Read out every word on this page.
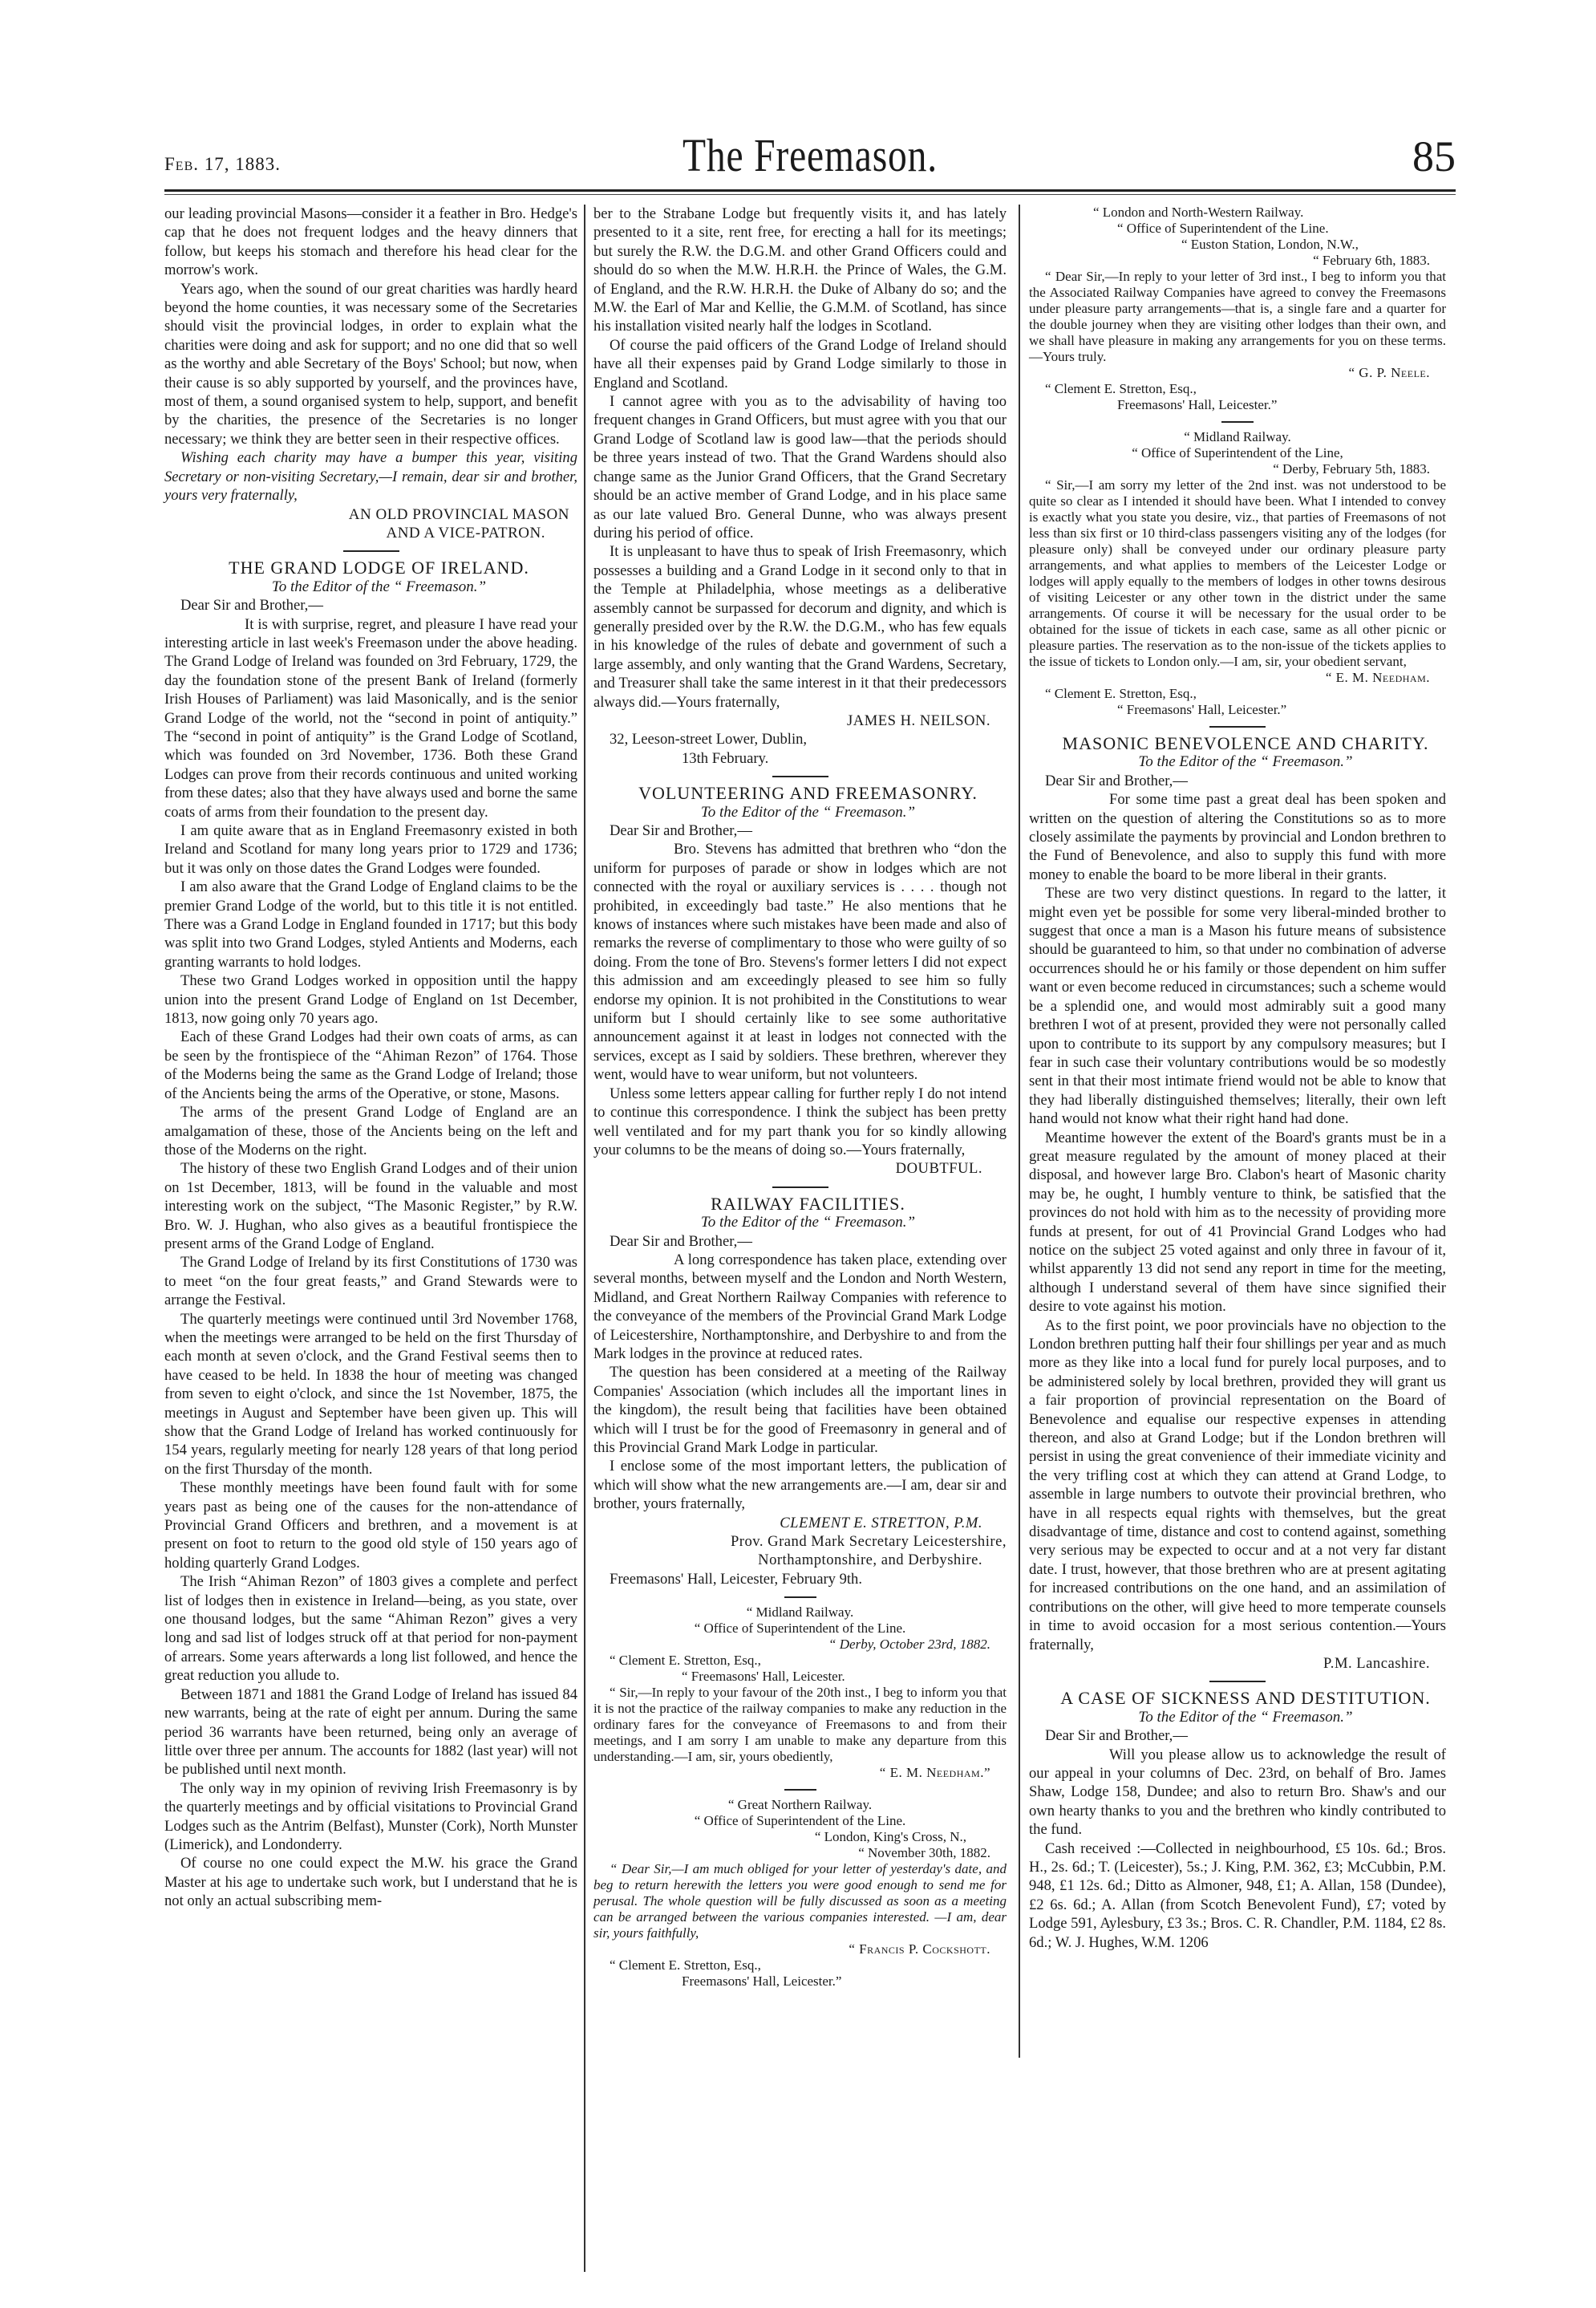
Feb. 17, 1883.	The Freemason.	85

our leading provincial Masons—consider it a feather in Bro. Hedge's cap that he does not frequent lodges and the heavy dinners that follow, but keeps his stomach and therefore his head clear for the morrow's work.

Years ago, when the sound of our great charities was hardly heard beyond the home counties, it was necessary some of the Secretaries should visit the provincial lodges, in order to explain what the charities were doing and ask for support; and no one did that so well as the worthy and able Secretary of the Boys' School; but now, when their cause is so ably supported by yourself, and the provinces have, most of them, a sound organised system to help, support, and benefit by the charities, the presence of the Secretaries is no longer necessary; we think they are better seen in their respective offices.

Wishing each charity may have a bumper this year, visiting Secretary or non-visiting Secretary,—I remain, dear sir and brother, yours very fraternally,

AN OLD PROVINCIAL MASON

AND A VICE-PATRON.

THE GRAND LODGE OF IRELAND.

To the Editor of the “ Freemason.”

Dear Sir and Brother,—

It is with surprise, regret, and pleasure I have read your interesting article in last week's Freemason under the above heading. The Grand Lodge of Ireland was founded on 3rd February, 1729, the day the foundation stone of the present Bank of Ireland (formerly Irish Houses of Parliament) was laid Masonically, and is the senior Grand Lodge of the world, not the “second in point of antiquity.” The “second in point of antiquity” is the Grand Lodge of Scotland, which was founded on 3rd November, 1736. Both these Grand Lodges can prove from their records continuous and united working from these dates; also that they have always used and borne the same coats of arms from their foundation to the present day.

I am quite aware that as in England Freemasonry existed in both Ireland and Scotland for many long years prior to 1729 and 1736; but it was only on those dates the Grand Lodges were founded.

I am also aware that the Grand Lodge of England claims to be the premier Grand Lodge of the world, but to this title it is not entitled. There was a Grand Lodge in England founded in 1717; but this body was split into two Grand Lodges, styled Antients and Moderns, each granting warrants to hold lodges.

These two Grand Lodges worked in opposition until the happy union into the present Grand Lodge of England on 1st December, 1813, now going only 70 years ago.

Each of these Grand Lodges had their own coats of arms, as can be seen by the frontispiece of the “Ahiman Rezon” of 1764. Those of the Moderns being the same as the Grand Lodge of Ireland; those of the Ancients being the arms of the Operative, or stone, Masons.

The arms of the present Grand Lodge of England are an amalgamation of these, those of the Ancients being on the left and those of the Moderns on the right.

The history of these two English Grand Lodges and of their union on 1st December, 1813, will be found in the valuable and most interesting work on the subject, “The Masonic Register,” by R.W. Bro. W. J. Hughan, who also gives as a beautiful frontispiece the present arms of the Grand Lodge of England.

The Grand Lodge of Ireland by its first Constitutions of 1730 was to meet “on the four great feasts,” and Grand Stewards were to arrange the Festival.

The quarterly meetings were continued until 3rd November 1768, when the meetings were arranged to be held on the first Thursday of each month at seven o'clock, and the Grand Festival seems then to have ceased to be held. In 1838 the hour of meeting was changed from seven to eight o'clock, and since the 1st November, 1875, the meetings in August and September have been given up. This will show that the Grand Lodge of Ireland has worked continuously for 154 years, regularly meeting for nearly 128 years of that long period on the first Thursday of the month.

These monthly meetings have been found fault with for some years past as being one of the causes for the non-attendance of Provincial Grand Officers and brethren, and a movement is at present on foot to return to the good old style of 150 years ago of holding quarterly Grand Lodges.

The Irish “Ahiman Rezon” of 1803 gives a complete and perfect list of lodges then in existence in Ireland—being, as you state, over one thousand lodges, but the same “Ahiman Rezon” gives a very long and sad list of lodges struck off at that period for non-payment of arrears. Some years afterwards a long list followed, and hence the great reduction you allude to.

Between 1871 and 1881 the Grand Lodge of Ireland has issued 84 new warrants, being at the rate of eight per annum. During the same period 36 warrants have been returned, being only an average of little over three per annum. The accounts for 1882 (last year) will not be published until next month.

The only way in my opinion of reviving Irish Freemasonry is by the quarterly meetings and by official visitations to Provincial Grand Lodges such as the Antrim (Belfast), Munster (Cork), North Munster (Limerick), and Londonderry.

Of course no one could expect the M.W. his grace the Grand Master at his age to undertake such work, but I understand that he is not only an actual subscribing mem-

ber to the Strabane Lodge but frequently visits it, and has lately presented to it a site, rent free, for erecting a hall for its meetings; but surely the R.W. the D.G.M. and other Grand Officers could and should do so when the M.W. H.R.H. the Prince of Wales, the G.M. of England, and the R.W. H.R.H. the Duke of Albany do so; and the M.W. the Earl of Mar and Kellie, the G.M.M. of Scotland, has since his installation visited nearly half the lodges in Scotland.

Of course the paid officers of the Grand Lodge of Ireland should have all their expenses paid by Grand Lodge similarly to those in England and Scotland.

I cannot agree with you as to the advisability of having too frequent changes in Grand Officers, but must agree with you that our Grand Lodge of Scotland law is good law—that the periods should be three years instead of two. That the Grand Wardens should also change same as the Junior Grand Officers, that the Grand Secretary should be an active member of Grand Lodge, and in his place same as our late valued Bro. General Dunne, who was always present during his period of office.

It is unpleasant to have thus to speak of Irish Freemasonry, which possesses a building and a Grand Lodge in it second only to that in the Temple at Philadelphia, whose meetings as a deliberative assembly cannot be surpassed for decorum and dignity, and which is generally presided over by the R.W. the D.G.M., who has few equals in his knowledge of the rules of debate and government of such a large assembly, and only wanting that the Grand Wardens, Secretary, and Treasurer shall take the same interest in it that their predecessors always did.—Yours fraternally,

JAMES H. NEILSON.

32, Leeson-street Lower, Dublin,

13th February.

VOLUNTEERING AND FREEMASONRY.

To the Editor of the “ Freemason.”

Dear Sir and Brother,—

Bro. Stevens has admitted that brethren who “don the uniform for purposes of parade or show in lodges which are not connected with the royal or auxiliary services is . . . . though not prohibited, in exceedingly bad taste.” He also mentions that he knows of instances where such mistakes have been made and also of remarks the reverse of complimentary to those who were guilty of so doing. From the tone of Bro. Stevens's former letters I did not expect this admission and am exceedingly pleased to see him so fully endorse my opinion. It is not prohibited in the Constitutions to wear uniform but I should certainly like to see some authoritative announcement against it at least in lodges not connected with the services, except as I said by soldiers. These brethren, wherever they went, would have to wear uniform, but not volunteers.

Unless some letters appear calling for further reply I do not intend to continue this correspondence. I think the subject has been pretty well ventilated and for my part thank you for so kindly allowing your columns to be the means of doing so.—Yours fraternally,

DOUBTFUL.

RAILWAY FACILITIES.

To the Editor of the “ Freemason.”

Dear Sir and Brother,—

A long correspondence has taken place, extending over several months, between myself and the London and North Western, Midland, and Great Northern Railway Companies with reference to the conveyance of the members of the Provincial Grand Mark Lodge of Leicestershire, Northamptonshire, and Derbyshire to and from the Mark lodges in the province at reduced rates.

The question has been considered at a meeting of the Railway Companies' Association (which includes all the important lines in the kingdom), the result being that facilities have been obtained which will I trust be for the good of Freemasonry in general and of this Provincial Grand Mark Lodge in particular.

I enclose some of the most important letters, the publication of which will show what the new arrangements are.—I am, dear sir and brother, yours fraternally,

CLEMENT E. STRETTON, P.M.

Prov. Grand Mark Secretary Leicestershire,

Northamptonshire, and Derbyshire.

Freemasons' Hall, Leicester, February 9th.

“ Midland Railway.

“ Office of Superintendent of the Line.

“ Derby, October 23rd, 1882.

“ Clement E. Stretton, Esq.,

“ Freemasons' Hall, Leicester.

“ Sir,—In reply to your favour of the 20th inst., I beg to inform you that it is not the practice of the railway companies to make any reduction in the ordinary fares for the conveyance of Freemasons to and from their meetings, and I am sorry I am unable to make any departure from this understanding.—I am, sir, yours obediently,

“ E. M. Needham.”

“ Great Northern Railway.

“ Office of Superintendent of the Line.

“ London, King's Cross, N.,

“ November 30th, 1882.

“ Dear Sir,—I am much obliged for your letter of yesterday's date, and beg to return herewith the letters you were good enough to send me for perusal. The whole question will be fully discussed as soon as a meeting can be arranged between the various companies interested. —I am, dear sir, yours faithfully,

“ Francis P. Cockshott.

“ Clement E. Stretton, Esq.,

Freemasons' Hall, Leicester.”

“ London and North-Western Railway.

“ Office of Superintendent of the Line.

“ Euston Station, London, N.W.,

“ February 6th, 1883.

“ Dear Sir,—In reply to your letter of 3rd inst., I beg to inform you that the Associated Railway Companies have agreed to convey the Freemasons under pleasure party arrangements—that is, a single fare and a quarter for the double journey when they are visiting other lodges than their own, and we shall have pleasure in making any arrangements for you on these terms.—Yours truly.

“ G. P. Neele.

“ Clement E. Stretton, Esq.,

Freemasons' Hall, Leicester.”

“ Midland Railway.

“ Office of Superintendent of the Line,

“ Derby, February 5th, 1883.

“ Sir,—I am sorry my letter of the 2nd inst. was not understood to be quite so clear as I intended it should have been. What I intended to convey is exactly what you state you desire, viz., that parties of Freemasons of not less than six first or 10 third-class passengers visiting any of the lodges (for pleasure only) shall be conveyed under our ordinary pleasure party arrangements, and what applies to members of the Leicester Lodge or lodges will apply equally to the members of lodges in other towns desirous of visiting Leicester or any other town in the district under the same arrangements. Of course it will be necessary for the usual order to be obtained for the issue of tickets in each case, same as all other picnic or pleasure parties. The reservation as to the non-issue of the tickets applies to the issue of tickets to London only.—I am, sir, your obedient servant,

“ E. M. Needham.

“ Clement E. Stretton, Esq.,

“ Freemasons' Hall, Leicester.”

MASONIC BENEVOLENCE AND CHARITY.

To the Editor of the “ Freemason.”

Dear Sir and Brother,—

For some time past a great deal has been spoken and written on the question of altering the Constitutions so as to more closely assimilate the payments by provincial and London brethren to the Fund of Benevolence, and also to supply this fund with more money to enable the board to be more liberal in their grants.

These are two very distinct questions. In regard to the latter, it might even yet be possible for some very liberal-minded brother to suggest that once a man is a Mason his future means of subsistence should be guaranteed to him, so that under no combination of adverse occurrences should he or his family or those dependent on him suffer want or even become reduced in circumstances; such a scheme would be a splendid one, and would most admirably suit a good many brethren I wot of at present, provided they were not personally called upon to contribute to its support by any compulsory measures; but I fear in such case their voluntary contributions would be so modestly sent in that their most intimate friend would not be able to know that they had liberally distinguished themselves; literally, their own left hand would not know what their right hand had done.

Meantime however the extent of the Board's grants must be in a great measure regulated by the amount of money placed at their disposal, and however large Bro. Clabon's heart of Masonic charity may be, he ought, I humbly venture to think, be satisfied that the provinces do not hold with him as to the necessity of providing more funds at present, for out of 41 Provincial Grand Lodges who had notice on the subject 25 voted against and only three in favour of it, whilst apparently 13 did not send any report in time for the meeting, although I understand several of them have since signified their desire to vote against his motion.

As to the first point, we poor provincials have no objection to the London brethren putting half their four shillings per year and as much more as they like into a local fund for purely local purposes, and to be administered solely by local brethren, provided they will grant us a fair proportion of provincial representation on the Board of Benevolence and equalise our respective expenses in attending thereon, and also at Grand Lodge; but if the London brethren will persist in using the great convenience of their immediate vicinity and the very trifling cost at which they can attend at Grand Lodge, to assemble in large numbers to outvote their provincial brethren, who have in all respects equal rights with themselves, but the great disadvantage of time, distance and cost to contend against, something very serious may be expected to occur and at a not very far distant date. I trust, however, that those brethren who are at present agitating for increased contributions on the one hand, and an assimilation of contributions on the other, will give heed to more temperate counsels in time to avoid occasion for a most serious contention.—Yours fraternally,

P.M. Lancashire.

A CASE OF SICKNESS AND DESTITUTION.

To the Editor of the “ Freemason.”

Dear Sir and Brother,—

Will you please allow us to acknowledge the result of our appeal in your columns of Dec. 23rd, on behalf of Bro. James Shaw, Lodge 158, Dundee; and also to return Bro. Shaw's and our own hearty thanks to you and the brethren who kindly contributed to the fund.

Cash received :—Collected in neighbourhood, £5 10s. 6d.; Bros. H., 2s. 6d.; T. (Leicester), 5s.; J. King, P.M. 362, £3; McCubbin, P.M. 948, £1 12s. 6d.; Ditto as Almoner, 948, £1; A. Allan, 158 (Dundee), £2 6s. 6d.; A. Allan (from Scotch Benevolent Fund), £7; voted by Lodge 591, Aylesbury, £3 3s.; Bros. C. R. Chandler, P.M. 1184, £2 8s. 6d.; W. J. Hughes, W.M. 1206
